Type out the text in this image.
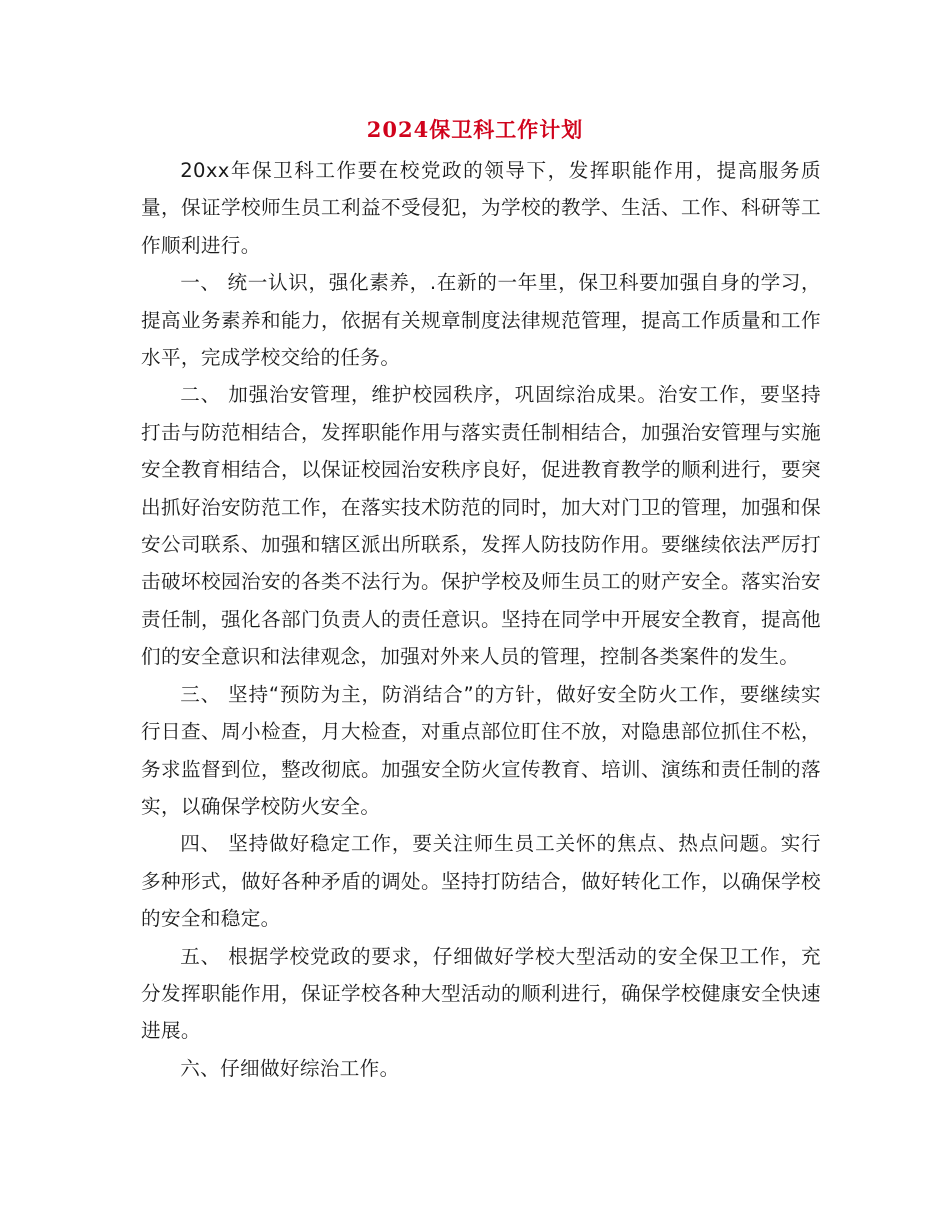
2024保卫科工作计划

20xx年保卫科工作要在校党政的领导下，发挥职能作用，提高服务质量，保证学校师生员工利益不受侵犯，为学校的教学、生活、工作、科研等工作顺利进行。

一、 统一认识，强化素养，.在新的一年里，保卫科要加强自身的学习，提高业务素养和能力，依据有关规章制度法律规范管理，提高工作质量和工作水平，完成学校交给的任务。

二、 加强治安管理，维护校园秩序，巩固综治成果。治安工作，要坚持打击与防范相结合，发挥职能作用与落实责任制相结合，加强治安管理与实施安全教育相结合，以保证校园治安秩序良好，促进教育教学的顺利进行，要突出抓好治安防范工作，在落实技术防范的同时，加大对门卫的管理，加强和保安公司联系、加强和辖区派出所联系，发挥人防技防作用。要继续依法严厉打击破坏校园治安的各类不法行为。保护学校及师生员工的财产安全。落实治安责任制，强化各部门负责人的责任意识。坚持在同学中开展安全教育，提高他们的安全意识和法律观念，加强对外来人员的管理，控制各类案件的发生。

三、 坚持“预防为主，防消结合”的方针，做好安全防火工作，要继续实行日查、周小检查，月大检查，对重点部位盯住不放，对隐患部位抓住不松，务求监督到位，整改彻底。加强安全防火宣传教育、培训、演练和责任制的落实，以确保学校防火安全。

四、 坚持做好稳定工作，要关注师生员工关怀的焦点、热点问题。实行多种形式，做好各种矛盾的调处。坚持打防结合，做好转化工作，以确保学校的安全和稳定。

五、 根据学校党政的要求，仔细做好学校大型活动的安全保卫工作，充分发挥职能作用，保证学校各种大型活动的顺利进行，确保学校健康安全快速进展。

六、仔细做好综治工作。
